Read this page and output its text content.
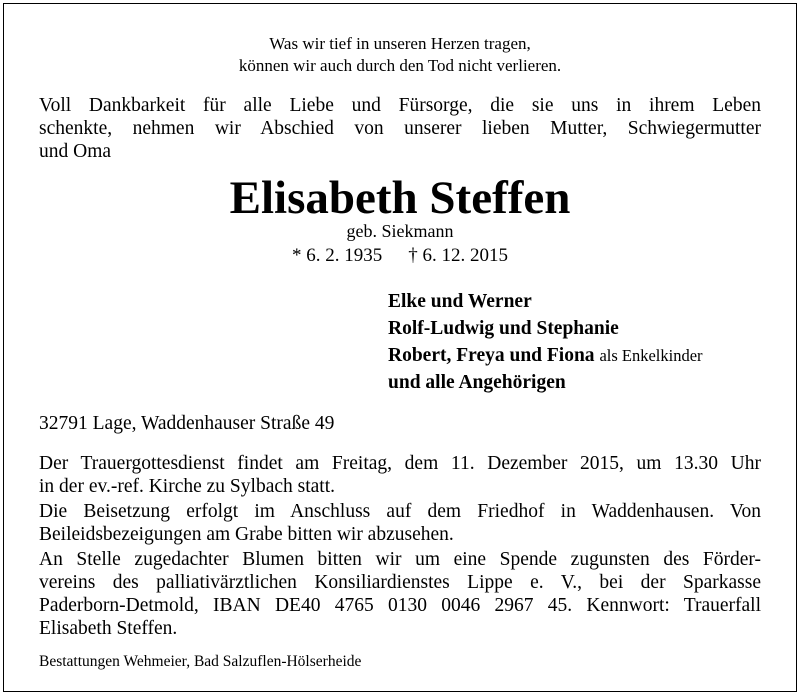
Was wir tief in unseren Herzen tragen,
können wir auch durch den Tod nicht verlieren.
Voll Dankbarkeit für alle Liebe und Fürsorge, die sie uns in ihrem Leben
schenkte, nehmen wir Abschied von unserer lieben Mutter, Schwiegermutter
und Oma
Elisabeth Steffen
geb. Siekmann
* 6. 2. 1935 † 6. 12. 2015
Elke und Werner
Rolf-Ludwig und Stephanie
Robert, Freya und Fiona als Enkelkinder
und alle Angehörigen
32791 Lage, Waddenhauser Straße 49
Der Trauergottesdienst findet am Freitag, dem 11. Dezember 2015, um 13.30 Uhr
in der ev.-ref. Kirche zu Sylbach statt.
Die Beisetzung erfolgt im Anschluss auf dem Friedhof in Waddenhausen. Von
Beileidsbezeigungen am Grabe bitten wir abzusehen.
An Stelle zugedachter Blumen bitten wir um eine Spende zugunsten des Förder-
vereins des palliativärztlichen Konsiliardienstes Lippe e. V., bei der Sparkasse
Paderborn-Detmold, IBAN DE40 4765 0130 0046 2967 45. Kennwort: Trauerfall
Elisabeth Steffen.
Bestattungen Wehmeier, Bad Salzuflen-Hölserheide
